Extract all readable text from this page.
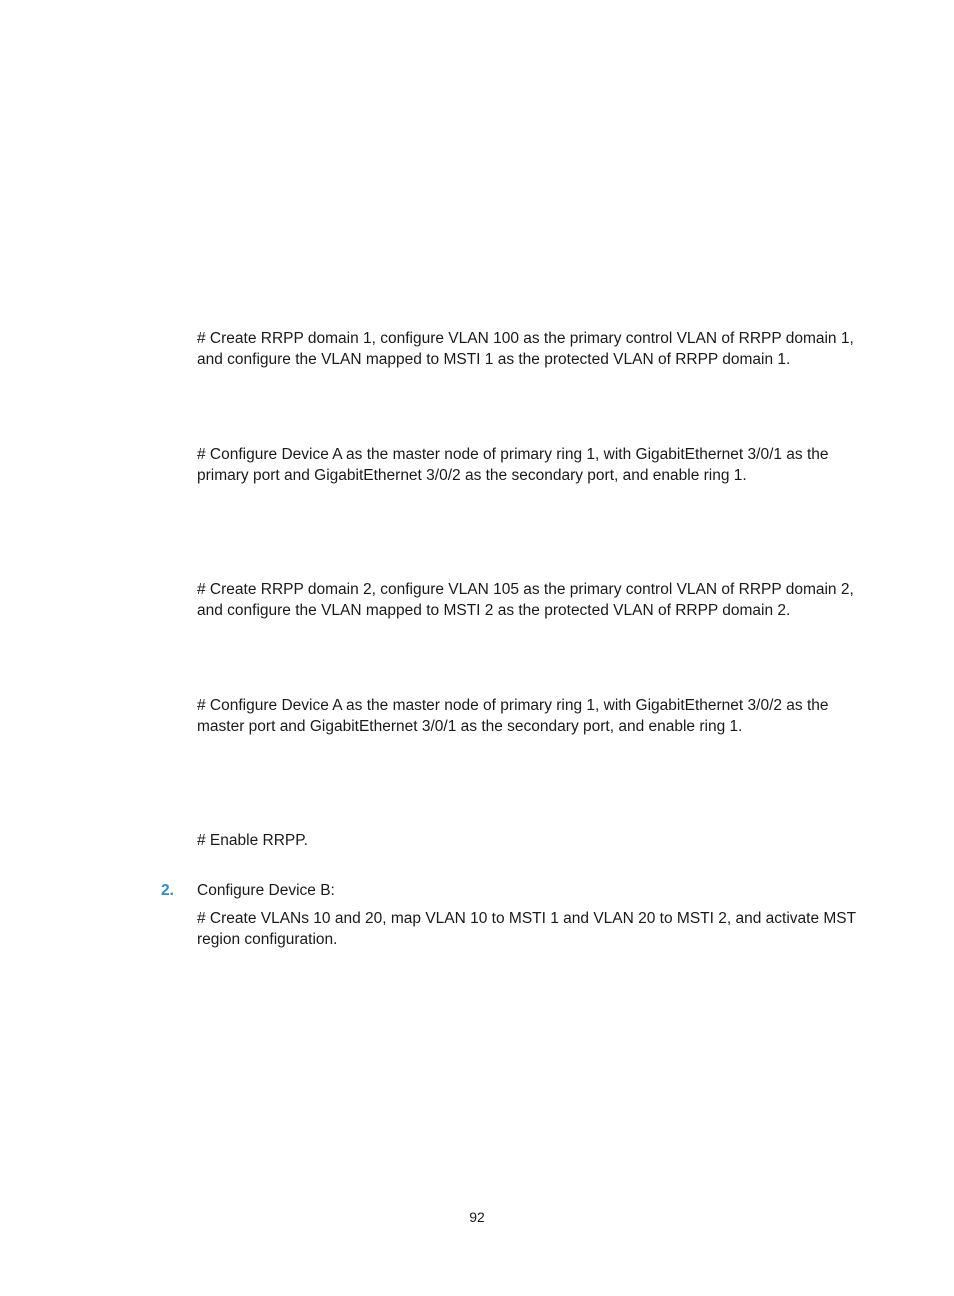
# Create RRPP domain 1, configure VLAN 100 as the primary control VLAN of RRPP domain 1,
and configure the VLAN mapped to MSTI 1 as the protected VLAN of RRPP domain 1.

# Configure Device A as the master node of primary ring 1, with GigabitEthernet 3/0/1 as the
primary port and GigabitEthernet 3/0/2 as the secondary port, and enable ring 1.

# Create RRPP domain 2, configure VLAN 105 as the primary control VLAN of RRPP domain 2,
and configure the VLAN mapped to MSTI 2 as the protected VLAN of RRPP domain 2.

# Configure Device A as the master node of primary ring 1, with GigabitEthernet 3/0/2 as the
master port and GigabitEthernet 3/0/1 as the secondary port, and enable ring 1.

# Enable RRPP.

2. Configure Device B:

# Create VLANs 10 and 20, map VLAN 10 to MSTI 1 and VLAN 20 to MSTI 2, and activate MST
region configuration.

92
